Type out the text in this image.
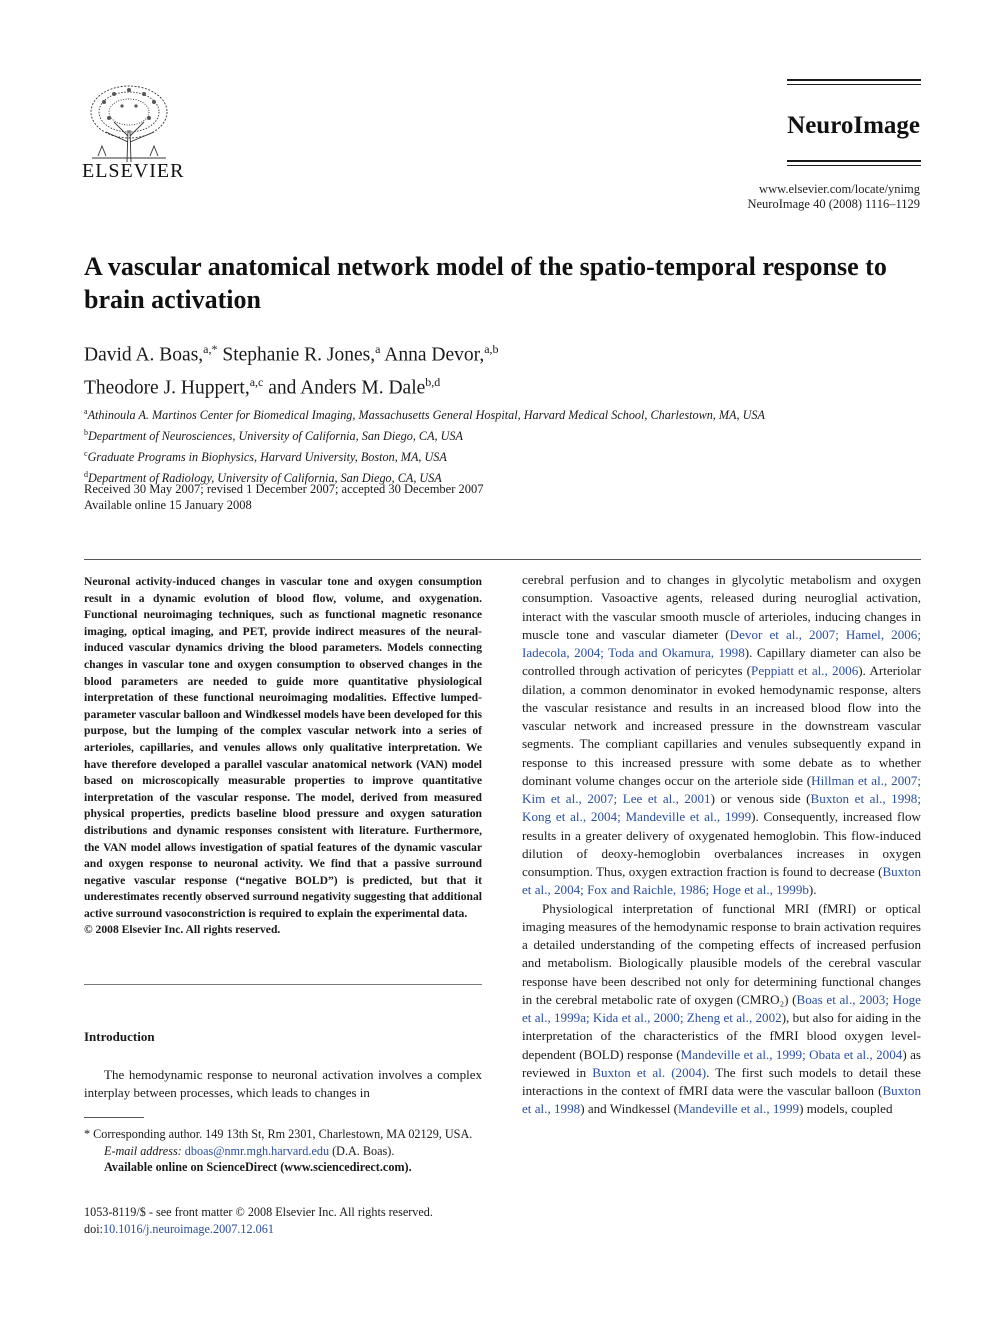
ELSEVIER
NeuroImage
www.elsevier.com/locate/ynimg
NeuroImage 40 (2008) 1116–1129
A vascular anatomical network model of the spatio-temporal response to brain activation
David A. Boas,$^{a,*}$ Stephanie R. Jones,$^a$ Anna Devor,$^{a,b}$
Theodore J. Huppert,$^{a,c}$ and Anders M. Dale$^{b,d}$
$^a$Athinoula A. Martinos Center for Biomedical Imaging, Massachusetts General Hospital, Harvard Medical School, Charlestown, MA, USA
$^b$Department of Neurosciences, University of California, San Diego, CA, USA
$^c$Graduate Programs in Biophysics, Harvard University, Boston, MA, USA
$^d$Department of Radiology, University of California, San Diego, CA, USA
Received 30 May 2007; revised 1 December 2007; accepted 30 December 2007
Available online 15 January 2008
Neuronal activity-induced changes in vascular tone and oxygen consumption result in a dynamic evolution of blood flow, volume, and oxygenation. Functional neuroimaging techniques, such as functional magnetic resonance imaging, optical imaging, and PET, provide indirect measures of the neural-induced vascular dynamics driving the blood parameters. Models connecting changes in vascular tone and oxygen consumption to observed changes in the blood parameters are needed to guide more quantitative physiological interpretation of these functional neuroimaging modalities. Effective lumped-parameter vascular balloon and Windkessel models have been developed for this purpose, but the lumping of the complex vascular network into a series of arterioles, capillaries, and venules allows only qualitative interpretation. We have therefore developed a parallel vascular anatomical network (VAN) model based on microscopically measurable properties to improve quantitative interpretation of the vascular response. The model, derived from measured physical properties, predicts baseline blood pressure and oxygen saturation distributions and dynamic responses consistent with literature. Furthermore, the VAN model allows investigation of spatial features of the dynamic vascular and oxygen response to neuronal activity. We find that a passive surround negative vascular response (“negative BOLD”) is predicted, but that it underestimates recently observed surround negativity suggesting that additional active surround vasoconstriction is required to explain the experimental data.
© 2008 Elsevier Inc. All rights reserved.
Introduction
The hemodynamic response to neuronal activation involves a complex interplay between processes, which leads to changes in

* Corresponding author. 149 13th St, Rm 2301, Charlestown, MA 02129, USA.

E-mail address: dboas@nmr.mgh.harvard.edu (D.A. Boas).

Available online on ScienceDirect (www.sciencedirect.com).

1053-8119/$ - see front matter © 2008 Elsevier Inc. All rights reserved.
doi:10.1016/j.neuroimage.2007.12.061

cerebral perfusion and to changes in glycolytic metabolism and oxygen consumption. Vasoactive agents, released during neuroglial activation, interact with the vascular smooth muscle of arterioles, inducing changes in muscle tone and vascular diameter (Devor et al., 2007; Hamel, 2006; Iadecola, 2004; Toda and Okamura, 1998). Capillary diameter can also be controlled through activation of pericytes (Peppiatt et al., 2006). Arteriolar dilation, a common denominator in evoked hemodynamic response, alters the vascular resistance and results in an increased blood flow into the vascular network and increased pressure in the downstream vascular segments. The compliant capillaries and venules subsequently expand in response to this increased pressure with some debate as to whether dominant volume changes occur on the arteriole side (Hillman et al., 2007; Kim et al., 2007; Lee et al., 2001) or venous side (Buxton et al., 1998; Kong et al., 2004; Mandeville et al., 1999). Consequently, increased flow results in a greater delivery of oxygenated hemoglobin. This flow-induced dilution of deoxy-hemoglobin overbalances increases in oxygen consumption. Thus, oxygen extraction fraction is found to decrease (Buxton et al., 2004; Fox and Raichle, 1986; Hoge et al., 1999b).

Physiological interpretation of functional MRI (fMRI) or optical imaging measures of the hemodynamic response to brain activation requires a detailed understanding of the competing effects of increased perfusion and metabolism. Biologically plausible models of the cerebral vascular response have been described not only for determining functional changes in the cerebral metabolic rate of oxygen (CMRO₂) (Boas et al., 2003; Hoge et al., 1999a; Kida et al., 2000; Zheng et al., 2002), but also for aiding in the interpretation of the characteristics of the fMRI blood oxygen level-dependent (BOLD) response (Mandeville et al., 1999; Obata et al., 2004) as reviewed in Buxton et al. (2004). The first such models to detail these interactions in the context of fMRI data were the vascular balloon (Buxton et al., 1998) and Windkessel (Mandeville et al., 1999) models, coupled
